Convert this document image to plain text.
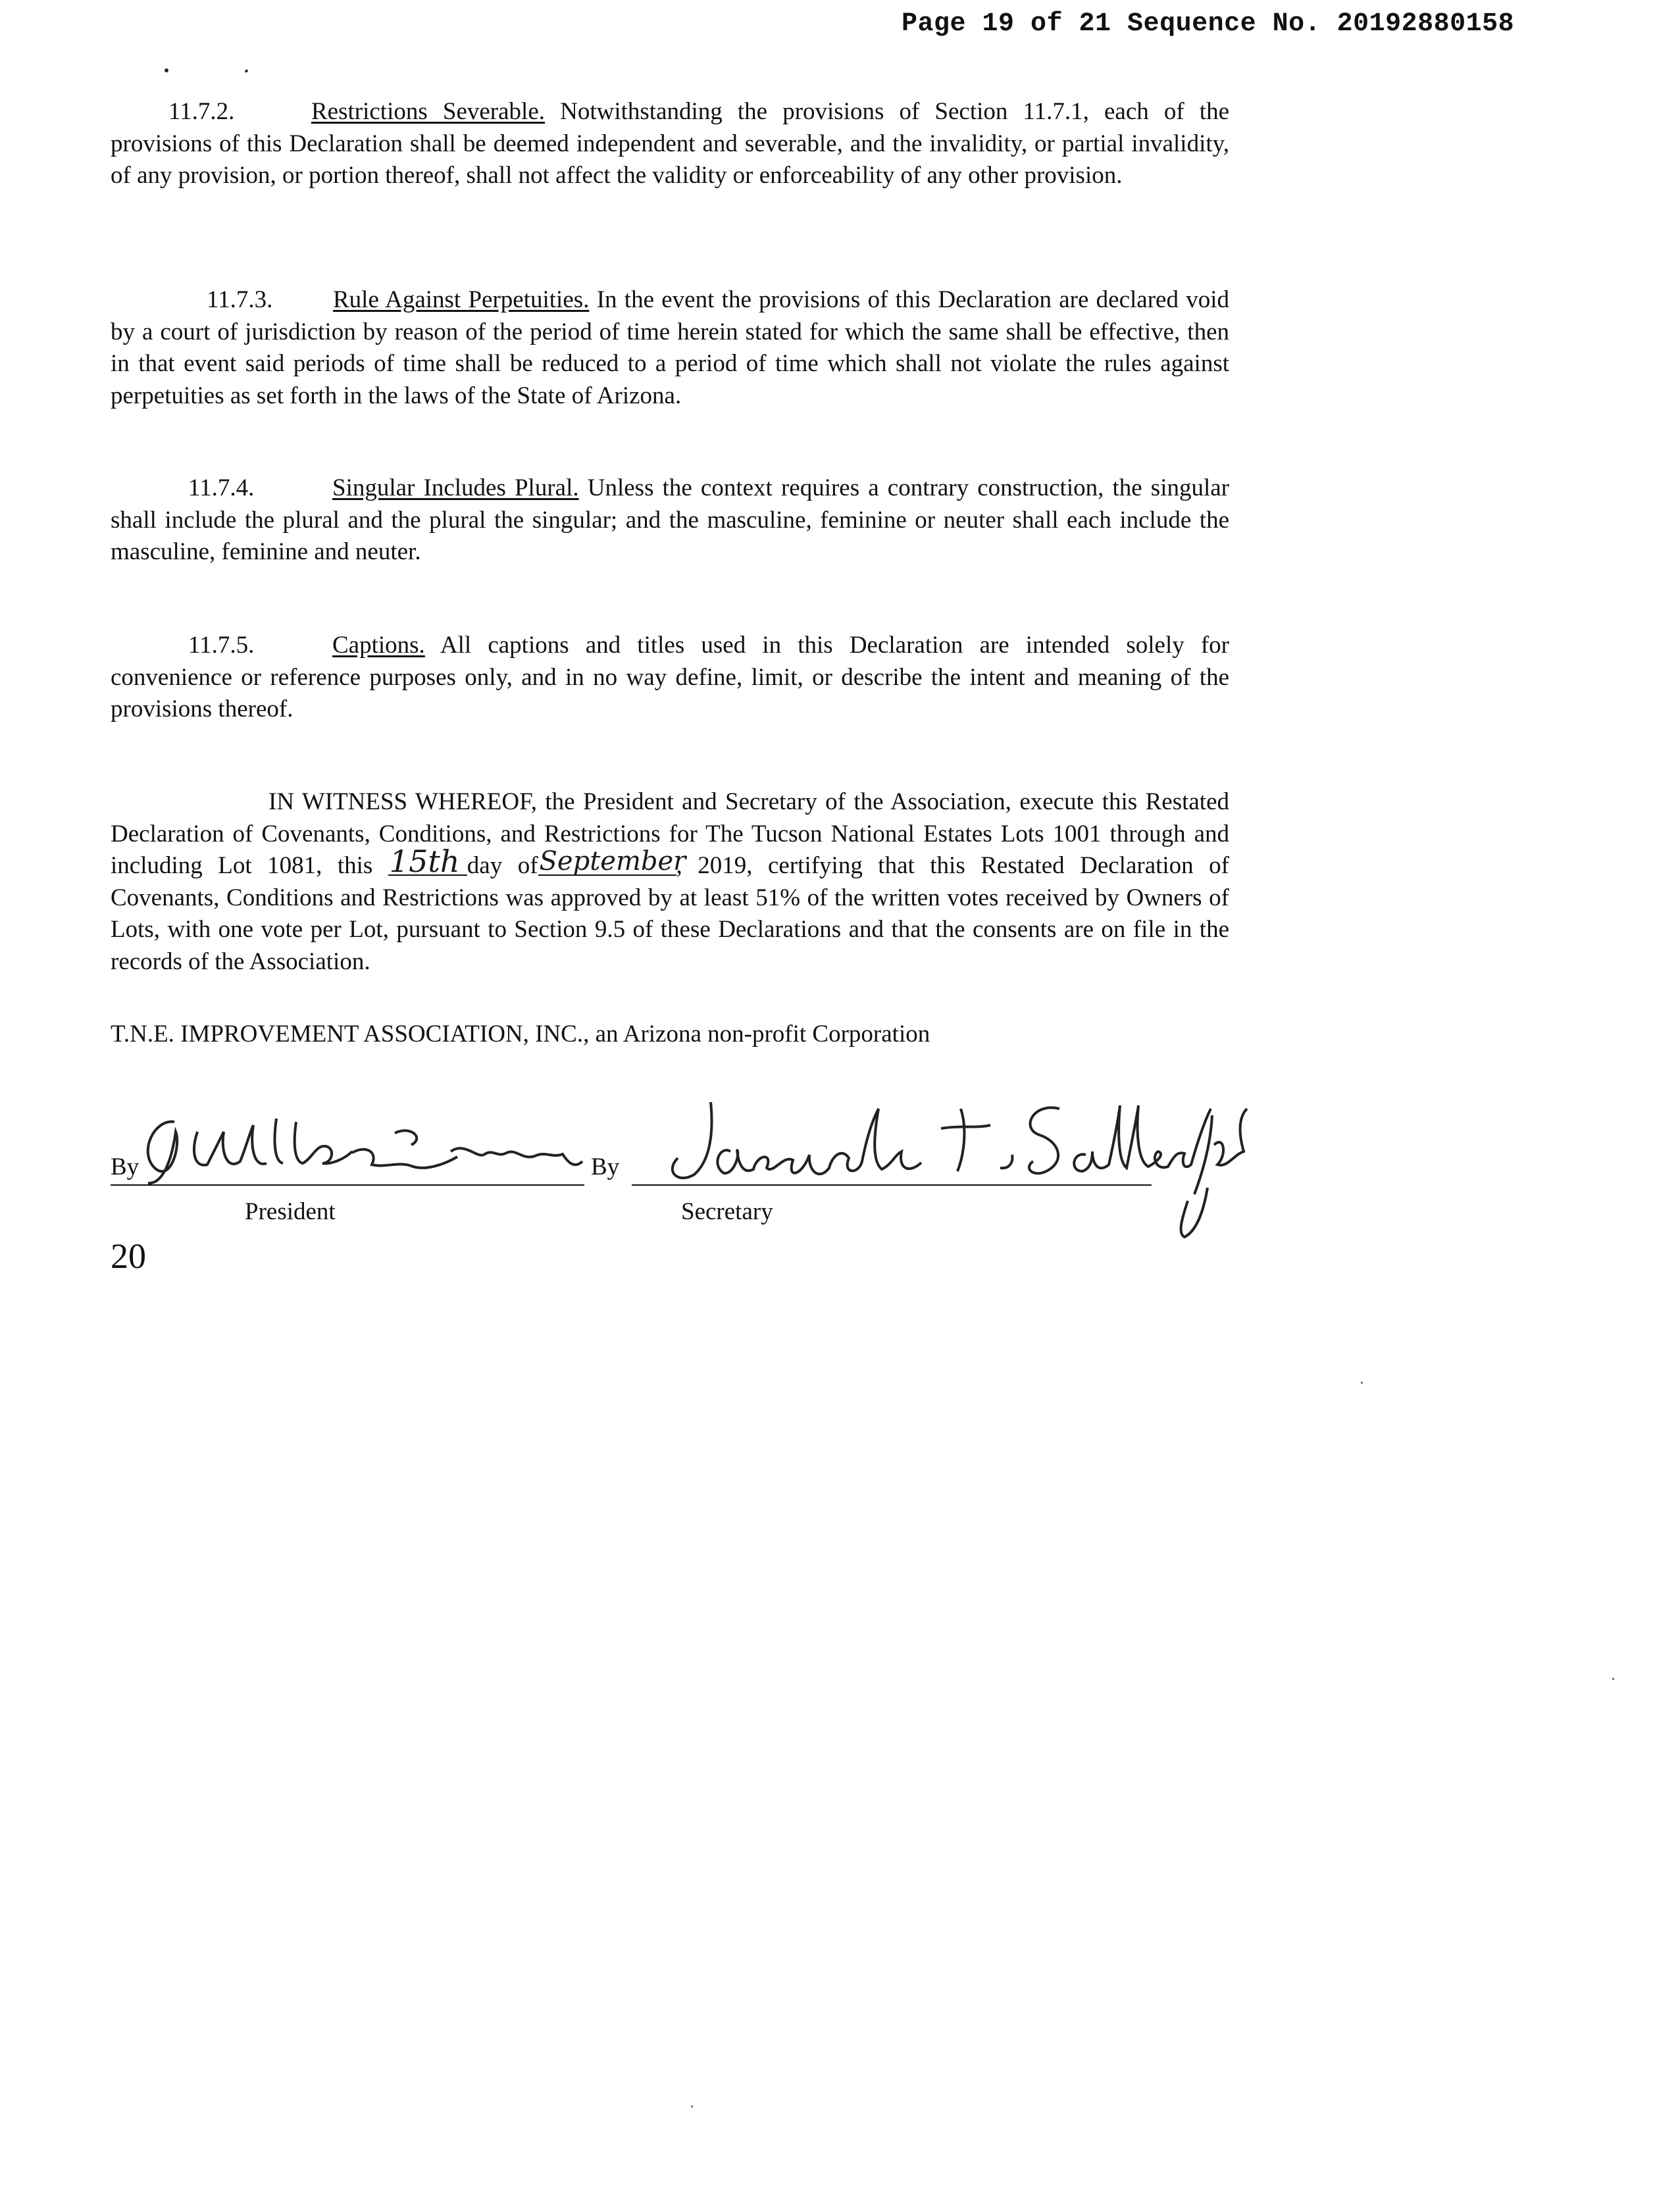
Page 19 of 21 Sequence No. 20192880158
11.7.2.	Restrictions Severable. Notwithstanding the provisions of Section 11.7.1, each of the provisions of this Declaration shall be deemed independent and severable, and the invalidity, or partial invalidity, of any provision, or portion thereof, shall not affect the validity or enforceability of any other provision.
11.7.3. Rule Against Perpetuities. In the event the provisions of this Declaration are declared void by a court of jurisdiction by reason of the period of time herein stated for which the same shall be effective, then in that event said periods of time shall be reduced to a period of time which shall not violate the rules against perpetuities as set forth in the laws of the State of Arizona.
11.7.4.	Singular Includes Plural. Unless the context requires a contrary construction, the singular shall include the plural and the plural the singular; and the masculine, feminine or neuter shall each include the masculine, feminine and neuter.
11.7.5.	Captions. All captions and titles used in this Declaration are intended solely for convenience or reference purposes only, and in no way define, limit, or describe the intent and meaning of the provisions thereof.
IN WITNESS WHEREOF, the President and Secretary of the Association, execute this Restated Declaration of Covenants, Conditions, and Restrictions for The Tucson National Estates Lots 1001 through and including Lot 1081, this 15th day of September
, 2019, certifying that this Restated Declaration of Covenants, Conditions and Restrictions was approved by at least 51% of the written votes received by Owners of Lots, with one vote per Lot, pursuant to Section 9.5 of these Declarations and that the consents are on file in the records of the Association.
T.N.E. IMPROVEMENT ASSOCIATION, INC., an Arizona non-profit Corporation
By	By
President	Secretary
20
